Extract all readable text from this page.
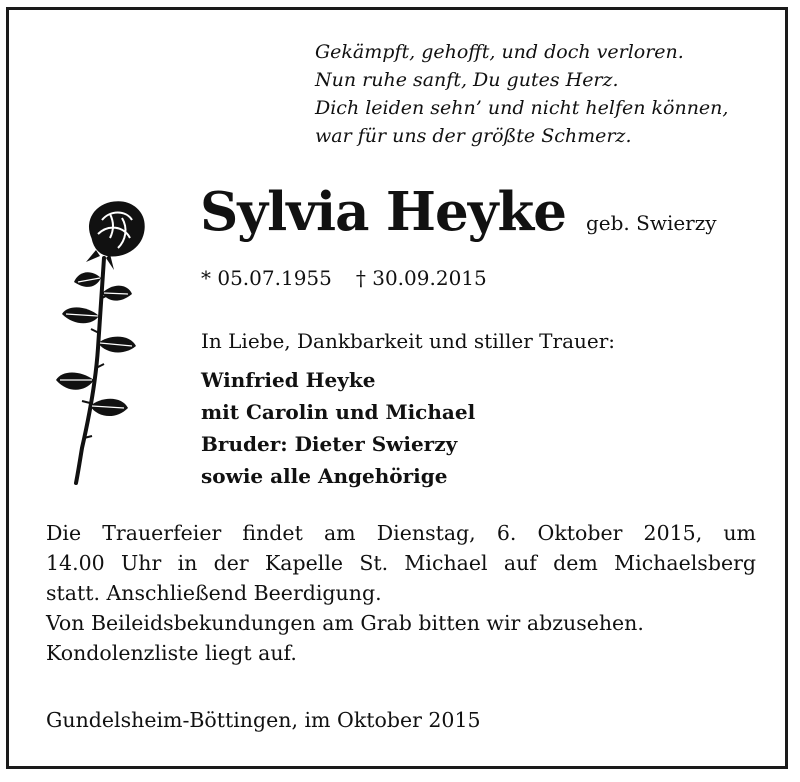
Gekämpft, gehofft, und doch verloren.
Nun ruhe sanft, Du gutes Herz.
Dich leiden sehn’ und nicht helfen können,
war für uns der größte Schmerz.
Sylvia Heyke geb. Swierzy
* 05.07.1955 † 30.09.2015
In Liebe, Dankbarkeit und stiller Trauer:
Winfried Heyke
mit Carolin und Michael
Bruder: Dieter Swierzy
sowie alle Angehörige
Die Trauerfeier findet am Dienstag, 6. Oktober 2015, um
14.00 Uhr in der Kapelle St. Michael auf dem Michaelsberg
statt. Anschließend Beerdigung.
Von Beileidsbekundungen am Grab bitten wir abzusehen.
Kondolenzliste liegt auf.
Gundelsheim-Böttingen, im Oktober 2015
